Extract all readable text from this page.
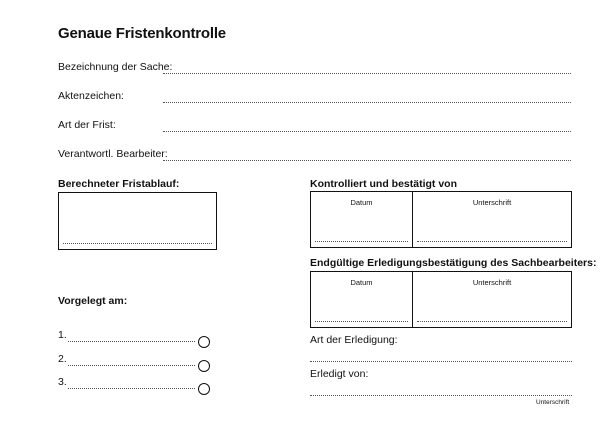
Genaue Fristenkontrolle
Bezeichnung der Sache:
Aktenzeichen:
Art der Frist:
Verantwortl. Bearbeiter:
Berechneter Fristablauf:	Kontrolliert und bestätigt von
Datum	Unterschrift
Endgültige Erledigungsbestätigung des Sachbearbeiters:
Datum	Unterschrift
Vorgelegt am:
1.
2.
3.
Art der Erledigung:
Erledigt von:
Unterschrift
